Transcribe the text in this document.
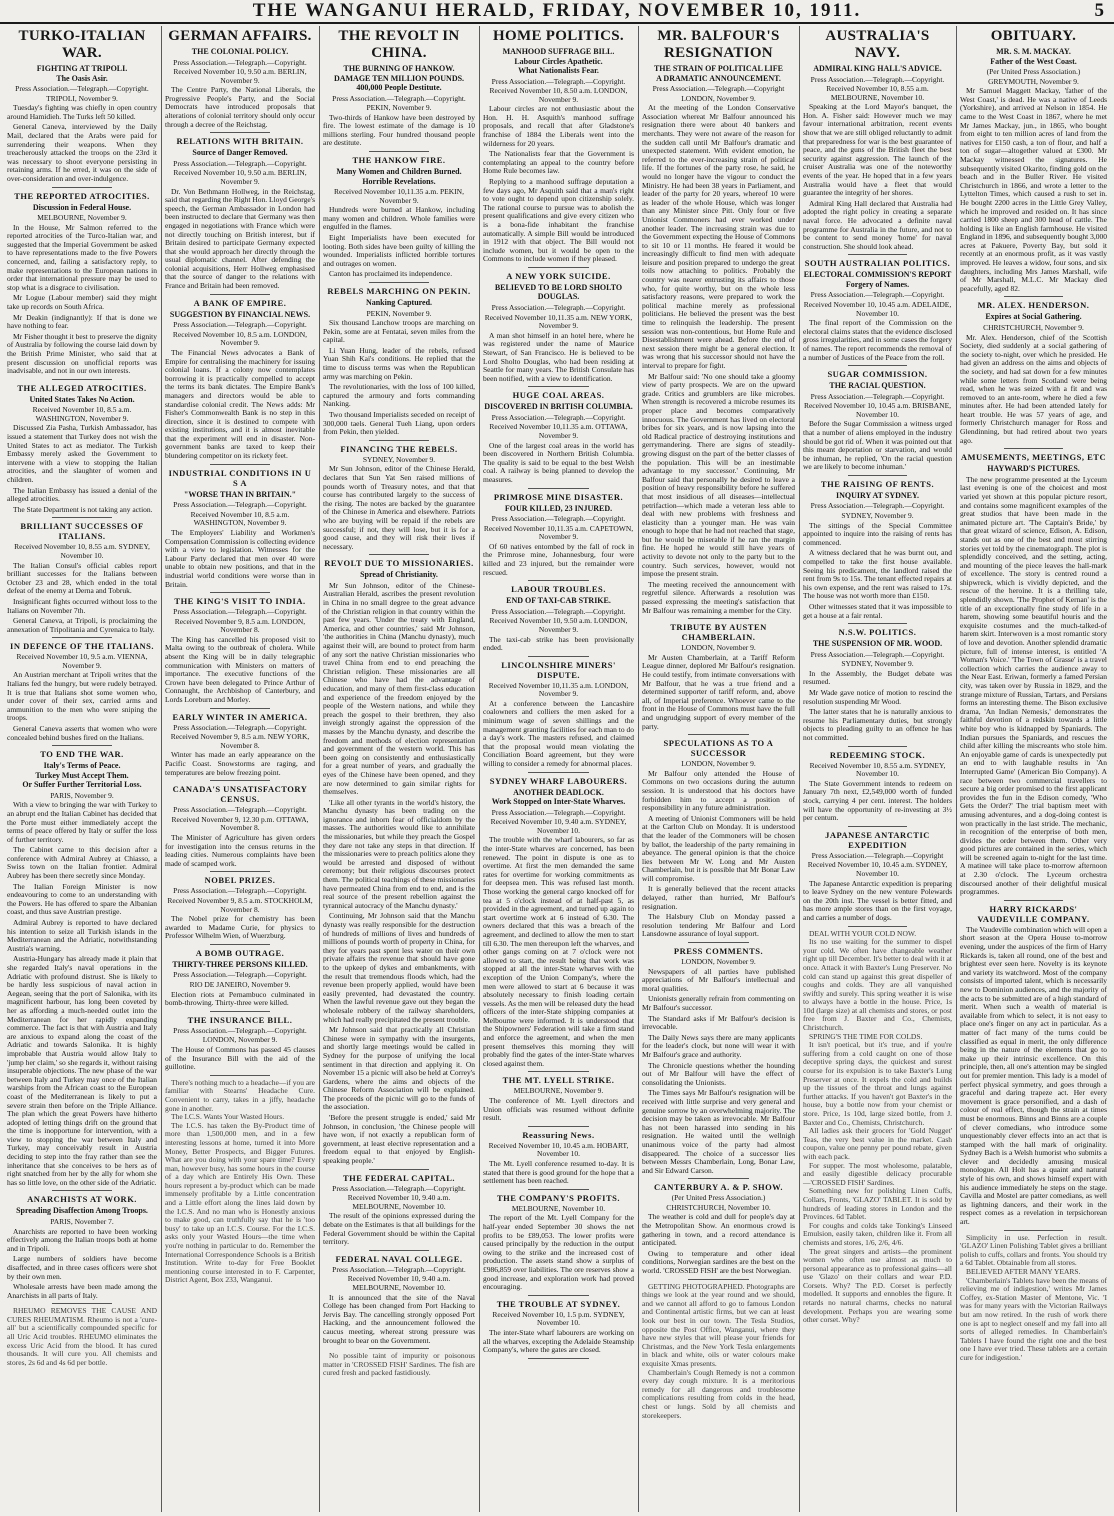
THE WANGANUI HERALD, FRIDAY, NOVEMBER 10, 1911.	5
TURKO-ITALIAN WAR.
FIGHTING AT TRIPOLI.
The Oasis Asir.

Press Association.—Telegraph.—Copyright.

TRIPOLI, November 9.

Tuesday's fighting was chiefly in open country around Hamidieh. The Turks left 50 killed.

General Caneva, interviewed by the Daily Mail, declared that the Arabs were paid for surrendering their weapons. When they treacherously attacked the troops on the 23rd it was necessary to shoot everyone persisting in retaining arms. If he erred, it was on the side of over-consideration and over-indulgence.

THE REPORTED ATROCITIES.
Discussion in Federal House.

MELBOURNE, November 9.

In the House, Mr Salmon referred to the reported atrocities of the Turco-Italian war, and suggested that the Imperial Government be asked to have representations made to the five Powers concerned, and, failing a satisfactory reply, to make representations to the European nations in order that international pressure may be used to stop what is a disgrace to civilisation.

Mr Logue (Labour member) said they might take up records on South Africa.

Mr Deakin (indignantly): If that is done we have nothing to fear.

Mr Fisher thought it best to preserve the dignity of Australia by following the course laid down by the British Prime Minister, who said that at present discussion on unofficial reports was inadvisable, and not in our own interests.

THE ALLEGED ATROCITIES.
United States Takes No Action.

Received November 10, 8.5 a.m. WASHINGTON, November 9.

Discussed Zia Pasha, Turkish Ambassador, has issued a statement that Turkey does not wish the United States to act as mediator. The Turkish Embassy merely asked the Government to intervene with a view to stopping the Italian atrocities, and the slaughter of women and children.

The Italian Embassy has issued a denial of the alleged atrocities.

The State Department is not taking any action.

BRILLIANT SUCCESSES OF ITALIANS.

Received November 10, 8.55 a.m. SYDNEY, November 10.

The Italian Consul's official cables report brilliant successes for the Italians between October 23 and 28, which ended in the total defeat of the enemy at Derna and Tobruk.

Insignificant fights occurred without loss to the Italians on November 7th.

General Caneva, at Tripoli, is proclaiming the annexation of Tripolitania and Cyrenaica to Italy.

IN DEFENCE OF THE ITALIANS.

Received November 10, 9.5 a.m. VIENNA, November 9.

An Austrian merchant at Tripoli writes that the Italians fed the hungry, but were rudely betrayed. It is true that Italians shot some women who, under cover of their sex, carried arms and ammunition to the men who were sniping the troops.

General Caneva asserts that women who were concealed behind bushes fired on the Italians.

TO END THE WAR.
Italy's Terms of Peace.
Turkey Must Accept Them.
Or Suffer Further Territorial Loss.

PARIS, November 9.

With a view to bringing the war with Turkey to an abrupt end the Italian Cabinet has decided that the Porte must either immediately accept the terms of peace offered by Italy or suffer the loss of further territory.

The Cabinet came to this decision after a conference with Admiral Aubrey at Chiasso, a Swiss town on the Italian frontier. Admiral Aubrey has been there secretly since Monday.

The Italian Foreign Minister is now endeavouring to come to an understanding with the Powers. He has offered to spare the Albanian coast, and thus save Austrian prestige.

Admiral Aubrey is reported to have declared his intention to seize all Turkish islands in the Mediterranean and the Adriatic, notwithstanding Austria's warning.

Austria-Hungary has already made it plain that she regarded Italy's naval operations in the Adriatic with profound distrust. She is likely to be hardly less suspicious of naval action in Aegean, seeing that the port of Salonika, with its magnificent harbour, has long been coveted by her as affording a much-needed outlet into the Mediterranean for her rapidly expanding commerce. The fact is that with Austria and Italy are anxious to expand along the coast of the Adriatic and towards Salonika. It is highly improbable that Austria would allow Italy to 'jump her claim,' so she regards it, without raising insuperable objections. The new phase of the war between Italy and Turkey may once of the Italian warships from the African coast to the European coast of the Mediterranean is likely to put a severe strain then before on the Triple Alliance. The plan which the great Powers have hitherto adopted of letting things drift on the ground that the time is inopportune for intervention, with a view to stopping the war between Italy and Turkey, may conceivably result in Austria deciding to step into the fray rather than see the inheritance that she conceives to be hers as of right snatched from her by the ally for whom she has so little love, on the other side of the Adriatic.

ANARCHISTS AT WORK.
Spreading Disaffection Among Troops.

PARIS, November 7.

Anarchists are reported to have been working effectively among the Italian troops both at home and in Tripoli.

Large numbers of soldiers have become disaffected, and in three cases officers were shot by their own men.

Wholesale arrests have been made among the Anarchists in all parts of Italy.

RHEUMO REMOVES THE CAUSE AND CURES RHEUMATISM. Rheumo is not a 'cure-all' but a scientifically compounded specific for all Uric Acid troubles. RHEUMO eliminates the excess Uric Acid from the blood. It has cured thousands. It will cure you. All chemists and stores, 2s 6d and 4s 6d per bottle.

GERMAN AFFAIRS.
THE COLONIAL POLICY.

Press Association.—Telegraph.—Copyright.

Received November 10, 9.50 a.m. BERLIN, November 9.

The Centre Party, the National Liberals, the Progressive People's Party, and the Social Democrats have introduced proposals that alterations of colonial territory should only occur through a decree of the Reichstag.

RELATIONS WITH BRITAIN.
Source of Danger Removed.

Press Association.—Telegraph.—Copyright.

Received November 10, 9.50 a.m. BERLIN, November 9.

Dr. Von Bethmann Hollweg, in the Reichstag, said that regarding the Right Hon. Lloyd George's speech, the German Ambassador in London had been instructed to declare that Germany was then engaged in negotiations with France which were not directly touching on British interest, but if Britain desired to participate Germany expected that she would approach her directly through the usual diplomatic channel. After defending the colonial acquisitions, Herr Hollweg emphasised that the source of danger to the relations with France and Britain had been removed.

A BANK OF EMPIRE.
SUGGESTION BY FINANCIAL NEWS.

Press Association.—Telegraph.—Copyright.

Received November 10, 8.5 a.m. LONDON, November 9.

The Financial News advocates a Bank of Empire for centralising the machinery for issuing colonial loans. If a colony now contemplates borrowing it is practically compelled to accept the terms its bank dictates. The Empire Bank's managers and directors would be able to standardise colonial credit. The News adds: Mr Fisher's Commonwealth Bank is no step in this direction, since it is destined to compete with existing institutions, and it is almost inevitable that the experiment will end in disaster. Non-government banks are taxed to keep their blundering competitor on its rickety feet.

INDUSTRIAL CONDITIONS IN U S A
"WORSE THAN IN BRITAIN."

Press Association.—Telegraph.—Copyright.

Received November 10, 8.5 a.m. WASHINGTON, November 9.

The Employers' Liability and Workmen's Compensation Commission is collecting evidence with a view to legislation. Witnesses for the Labour Party declared that men over 40 were unable to obtain new positions, and that in the industrial world conditions were worse than in Britain.

THE KING'S VISIT TO INDIA.

Press Association.—Telegraph.—Copyright.

Received November 9, 8.5 a.m. LONDON, November 8.

The King has cancelled his proposed visit to Malta owing to the outbreak of cholera. While absent the King will be in daily telegraphic communication with Ministers on matters of importance. The executive functions of the Crown have been delegated to Prince Arthur of Connaught, the Archbishop of Canterbury, and Lords Loreburn and Morley.

EARLY WINTER IN AMERICA.

Press Association.—Telegraph.—Copyright.

Received November 9, 8.5 a.m. NEW YORK, November 8.

Winter has made an early appearance on the Pacific Coast. Snowstorms are raging, and temperatures are below freezing point.

CANADA'S UNSATISFACTORY CENSUS.

Press Association.—Telegraph.—Copyright.

Received November 9, 12.30 p.m. OTTAWA, November 8.

The Minister of Agriculture has given orders for investigation into the census returns in the leading cities. Numerous complaints have been made of scamped work.

NOBEL PRIZES.

Press Association.—Telegraph.—Copyright.

Received November 9, 8.5 a.m. STOCKHOLM, November 8.

The Nobel prize for chemistry has been awarded to Madame Curie, for physics to Professor Wilhelm Wien, of Wuerzburg.

A BOMB OUTRAGE.
THIRTY-THREE PERSONS KILLED.

Press Association.—Telegraph.—Copyright.

RIO DE JANEIRO, November 9.

Election riots at Pernambuco culminated in bomb-throwing. Thirty-three were killed.

THE INSURANCE BILL.

Press Association.—Telegraph.—Copyright.

LONDON, November 9.

The House of Commons has passed 45 clauses of the Insurance Bill with the aid of the guillotine.

There's nothing much to a headache—if you are familiar with Stearns' Headache Cure. Convenient to carry, takes in a jiffy, headache gone in another.

The I.C.S. Wants Your Wasted Hours.

The I.C.S. has taken the By-Product time of more than 1,500,000 men, and in a few interesting lessons at home, turned it into More Money, Better Prospects, and Bigger Futures. What are you doing with your spare time? Every man, however busy, has some hours in the course of a day which are Entirely His Own. These hours represent a by-product which can be made immensely profitable by a Little concentration and a Little effort along the lines laid down by the I.C.S. And no man who is Honestly anxious to make good, can truthfully say that he is 'too busy' to take up an I.C.S. Course. For the I.C.S. asks only your Wasted Hours—the time when you're nothing in particular to do. Remember the International Correspondence Schools is a British Institution. Write to-day for Free Booklet mentioning course interested in to F. Carpenter, District Agent, Box 233, Wanganui.

THE REVOLT IN CHINA.
THE BURNING OF HANKOW.
DAMAGE TEN MILLION POUNDS.
400,000 People Destitute.

Press Association.—Telegraph.—Copyright.

PEKIN, November 9.

Two-thirds of Hankow have been destroyed by fire. The lowest estimate of the damage is 10 millions sterling. Four hundred thousand people are destitute.

THE HANKOW FIRE.
Many Women and Children Burned.
Horrible Revelations.

Received November 10,11.35 a.m. PEKIN, November 9.

Hundreds were burned at Hankow, including many women and children. Whole families were engulfed in the flames.

Eight Imperialists have been executed for looting. Both sides have been guilty of killing the wounded. Imperialists inflicted horrible tortures and outrages on women.

Canton has proclaimed its independence.

REBELS MARCHING ON PEKIN.
Nanking Captured.

PEKIN, November 9.

Six thousand Lanchow troops are marching on Pekin, some are at Fentatai, seven miles from the capital.

Li Yuan Hung, leader of the rebels, refused Yuan Shih Kai's conditions. He replied that the time to discuss terms was when the Republican army was marching on Pekin.

The revolutionaries, with the loss of 100 killed, captured the armoury and forts commanding Nanking.

Two thousand Imperialists seceded on receipt of 300,000 taels. General Tueh Liang, upon orders from Pekin, then yielded.

FINANCING THE REBELS.

SYDNEY, November 9.

Mr Sun Johnson, editor of the Chinese Herald, declares that Sun Yat Sen raised millions of pounds worth of Treasury notes, and that that course has contributed largely to the success of the rising. The notes are backed by the guarantee of the Chinese in America and elsewhere. Patriots who are buying will be repaid if the rebels are successful; if not, they will lose, but it is for a good cause, and they will risk their lives if necessary.

REVOLT DUE TO MISSIONARIES.
Spread of Christianity.

Mr Sun Johnson, editor of the Chinese-Australian Herald, ascribes the present revolution in China in no small degree to the great advance of the Christian religion in that country within the past few years. 'Under the treaty with England, America, and other countries,' said Mr Johnson, 'the authorities in China (Manchu dynasty), much against their will, are bound to protect from harm of any sort the native Christian missionaries who travel China from end to end preaching the Christian religion. These missionaries are all Chinese who have had the advantage of education, and many of them first-class education and experience of the freedom enjoyed by the people of the Western nations, and while they preach the gospel to their brethren, they also inveigh strongly against the oppression of the masses by the Manchu dynasty, and describe the freedom and methods of election representation and government of the western world. This has been going on consistently and enthusiastically for a great number of years, and gradually the eyes of the Chinese have been opened, and they are now determined to gain similar rights for themselves.

'Like all other tyrants in the world's history, the Manchu dynasty has been trading on the ignorance and inborn fear of officialdom by the masses. The authorities would like to annihilate the missionaries, but while they preach the Gospel they dare not take any steps in that direction. If the missionaries were to preach politics alone they would be arrested and disposed of without ceremony; but their religious discourses protect them. The political teachings of these missionaries have permeated China from end to end, and is the real source of the present rebellion against the tyrannical autocracy of the Manchu dynasty.'

Continuing, Mr Johnson said that the Manchu dynasty was really responsible for the destruction of hundreds of millions of lives and hundreds of millions of pounds worth of property in China, for they for years past spent less water on their own private affairs the revenue that should have gone to the upkeep of dykes and embankments, with the result that tremendous floods which, had the revenue been properly applied, would have been easily prevented, had devastated the country. When the lawful revenue gave out they began the wholesale robbery of the railway shareholders, which had really precipitated the present trouble.

Mr Johnson said that practically all Christian Chinese were in sympathy with the insurgents, and shortly large meetings would be called in Sydney for the purpose of unifying the local sentiment in that direction and applying it. On November 15 a picnic will also be held at Correy's Gardens, where the aims and objects of the Chinese Reform Association will be explained. The proceeds of the picnic will go to the funds of the association.

'Before the present struggle is ended,' said Mr Johnson, in conclusion, 'the Chinese people will have won, if not exactly a republican form of government, at least elective representation and a freedom equal to that enjoyed by English-speaking people.'

THE FEDERAL CAPITAL.

Press Association.—Telegraph.—Copyright.

Received November 10, 9.40 a.m. MELBOURNE, November 10.

The result of the opinions expressed during the debate on the Estimates is that all buildings for the Federal Government should be within the Capital territory.

FEDERAL NAVAL COLLEGE.

Press Association.—Telegraph.—Copyright.

Received November 10, 9.40 a.m. MELBOURNE, November 10.

It is announced that the site of the Naval College has been changed from Port Hacking to Jervis Bay. The cancelling strongly opposed Port Hacking, and the announcement followed the caucus meeting, whereat strong pressure was brought to bear on the Government.

No possible taint of impurity or poisonous matter in 'CROSSED FISH' Sardines. The fish are cured fresh and packed fastidiously.

HOME POLITICS.
MANHOOD SUFFRAGE BILL.
Labour Circles Apathetic.
What Nationalists Fear.

Press Association.—Telegraph.—Copyright.

Received November 10, 8.50 a.m. LONDON, November 9.

Labour circles are not enthusiastic about the Hon. H. H. Asquith's manhood suffrage proposals, and recall that after Gladstone's franchise of 1884 the Liberals went into the wilderness for 20 years.

The Nationalists fear that the Government is contemplating an appeal to the country before Home Rule becomes law.

Replying to a manhood suffrage deputation a few days ago, Mr Asquith said that a man's right to vote ought to depend upon citizenship solely. The rational course to pursue was to abolish the present qualifications and give every citizen who is a bona-fide inhabitant the franchise automatically. A simple Bill would be introduced in 1912 with that object. The Bill would not include women, but it would be open to the Commons to include women if they pleased.

A NEW YORK SUICIDE.
BELIEVED TO BE LORD SHOLTO DOUGLAS.

Press Association.—Telegraph.—Copyright.

Received November 10,11.35 a.m. NEW YORK, November 9.

A man shot himself in an hotel here, where he was registered under the name of Maurice Stewart, of San Francisco. He is believed to be Lord Sholto Douglas, who had been residing at Seattle for many years. The British Consulate has been notified, with a view to identification.

HUGE COAL AREAS.
DISCOVERED IN BRITISH COLUMBIA.

Press Association.—Telegraph.—Copyright.

Received November 10,11.35 a.m. OTTAWA, November 9.

One of the largest coal areas in the world has been discovered in Northern British Columbia. The quality is said to be equal to the best Welsh coal. A railway is being planned to develop the measures.

PRIMROSE MINE DISASTER.
FOUR KILLED, 23 INJURED.

Press Association.—Telegraph.—Copyright.

Received November 10,11.35 a.m. CAPETOWN, November 9.

Of 60 natives entombed by the fall of rock in the Primrose mine, Johannesburg, four were killed and 23 injured, but the remainder were rescued.

LABOUR TROUBLES.
END OF TAXI-CAB STRIKE.

Press Association.—Telegraph.—Copyright.

Received November 10, 9.50 a.m. LONDON, November 9.

The taxi-cab strike has been provisionally ended.

LINCOLNSHIRE MINERS' DISPUTE.

Received November 10,11.35 a.m. LONDON, November 9.

At a conference between the Lancashire coalowners and colliers the men asked for a minimum wage of seven shillings and the management granting facilities for each man to do a day's work. The masters refused, and claimed that the proposal would mean violating the Conciliation Board agreement, but they were willing to consider a remedy for abnormal places.

SYDNEY WHARF LABOURERS.
ANOTHER DEADLOCK.
Work Stopped on Inter-State Wharves.

Press Association.—Telegraph.—Copyright.

Received November 10, 9.40 a.m. SYDNEY, November 10.

The trouble with the wharf labourers, so far as the inter-State wharves are concerned, has been renewed. The point in dispute is one as to overtime. At first the men demanded the same rates for overtime for working commitments as for deepsea men. This was refused last month. Those working the general cargo knocked off for tea at 5 o'clock instead of at half-past 5, as provided in the agreement, and turned up again to start overtime work at 6 instead of 6.30. The owners declared that this was a breach of the agreement, and declined to allow the men to start till 6.30. The men thereupon left the wharves, and other gangs coming on at 7 o'clock were not allowed to start, the result being that work was stopped at all the inter-State wharves with the exception of the Union Company's, where the men were allowed to start at 6 because it was absolutely necessary to finish loading certain vessels. As the men will be released duty the head officers of the inter-State shipping companies at Melbourne were informed. It is understood that the Shipowners' Federation will take a firm stand and enforce the agreement, and when the men present themselves this morning they will probably find the gates of the inter-State wharves closed against them.

THE MT. LYELL STRIKE.

MELBOURNE, November 9.

The conference of Mt. Lyell directors and Union officials was resumed without definite result.

Reassuring News.

Received November 10, 10.45 a.m. HOBART, November 10.

The Mt. Lyell conference resumed to-day. It is stated that there is good ground for the hope that a settlement has been reached.

THE COMPANY'S PROFITS.

MELBOURNE, November 10.

The report of the Mt. Lyell Company for the half-year ended September 30 shows the net profits to be £89,053. The lower profits were caused principally by the reduction in the output owing to the strike and the increased cost of production. The assets stand show a surplus of £986,859 over liabilities. The ore reserves show a good increase, and exploration work had proved encouraging.

THE TROUBLE AT SYDNEY.

Received November 10, 1.5 p.m. SYDNEY, November 10.

The inter-State wharf labourers are working on all the wharves, excepting the Adelaide Steamship Company's, where the gates are closed.

MR. BALFOUR'S RESIGNATION
THE STRAIN OF POLITICAL LIFE
A DRAMATIC ANNOUNCEMENT.

Press Association.—Telegraph.—Copyright

LONDON, November 9.

At the meeting of the London Conservative Association whereat Mr Balfour announced his resignation there were about 40 bankers and merchants. They were not aware of the reason for the sudden call until Mr Balfour's dramatic and unexpected statement. With evident emotion, he referred to the ever-increasing strain of political life. If the fortunes of the party rose, he said, he would no longer have the vigour to conduct the Ministry. He had been 38 years in Parliament, and leader of the party for 20 years, whereof 10 were as leader of the whole House, which was longer than any Minister since Pitt. Only four or five Unionist Commoners had ever worked under another leader. The increasing strain was due to the Government expecting the House of Commons to sit 10 or 11 months. He feared it would be increasingly difficult to find men with adequate leisure and position prepared to undergo the great toils now attaching to politics. Probably the country was nearer entrusting its affairs to those who, for quite worthy, but on the whole less satisfactory reasons, were prepared to work the political machine merely as professional politicians. He believed the present was the best time to relinquish the leadership. The present session was non-contentious, but Home Rule and Disestablishment were ahead. Before the end of next session there might be a general election. It was wrong that his successor should not have the interval to prepare for fight.

Mr Balfour said: 'No one should take a gloomy view of party prospects. We are on the upward grade. Critics and grumblers are like microbes. When strength is recovered a microbe resumes its proper place and becomes comparatively innocuous. The Government has lived on electoral bribes for six years, and is now lapsing into the old Radical practice of destroying institutions and gerrymandering. There are signs of steadily-growing disgust on the part of the better classes of the population. This will be an inestimable advantage to my successor.' Continuing, Mr Balfour said that personally he desired to leave a position of heavy responsibility before he suffered that most insidious of all diseases—intellectual petrifaction—which made a veteran less able to deal with new problems with freshness and elasticity than a younger man. He was vain enough to hope that he had not reached that stage, but he would be miserable if he ran the margin fine. He hoped he would still have years of activity to devote not only to the party but to the country. Such services, however, would not impose the present strain.

The meeting received the announcement with regretful silence. Afterwards a resolution was passed expressing the meeting's satisfaction that Mr Balfour was remaining a member for the City.

TRIBUTE BY AUSTEN CHAMBERLAIN.

LONDON, November 9.

Mr Austen Chamberlain, at a Tariff Reform League dinner, deplored Mr Balfour's resignation. He could testify, from intimate conversations with Mr Balfour, that he was a true friend and a determined supporter of tariff reform, and, above all, of Imperial preference. Whoever came to the front in the House of Commons must have the full and ungrudging support of every member of the party.

SPECULATIONS AS TO A SUCCESSOR

LONDON, November 9.

Mr Balfour only attended the House of Commons on two occasions during the autumn session. It is understood that his doctors have forbidden him to accept a position of responsibility in any future administration.

A meeting of Unionist Commoners will be held at the Carlton Club on Monday. It is understood that the leader of the Commoners will be chosen by ballot, the leadership of the party remaining in abeyance. The general opinion is that the choice lies between Mr W. Long and Mr Austen Chamberlain, but it is possible that Mr Bonar Law will compromise.

It is generally believed that the recent attacks delayed, rather than hurried, Mr Balfour's resignation.

The Halsbury Club on Monday passed a resolution tendering Mr Balfour and Lord Lansdowne assurance of loyal support.

PRESS COMMENTS.

LONDON, November 9.

Newspapers of all parties have published appreciations of Mr Balfour's intellectual and moral qualities.

Unionists generally refrain from commenting on Mr Balfour's successor.

The Standard asks if Mr Balfour's decision is irrevocable.

The Daily News says there are many applicants for the leader's clock, but none will wear it with Mr Balfour's grace and authority.

The Chronicle questions whether the hounding out of Mr Balfour will have the effect of consolidating the Unionists.

The Times says Mr Balfour's resignation will be received with little surprise and very general and genuine sorrow by an overwhelming majority. The decision may be taken as irrevocable. Mr Balfour has not been harassed into sending in his resignation. He waited until the wellnigh unanimous voice of the party had almost disappeared. The choice of a successor lies between Messrs Chamberlain, Long, Bonar Law, and Sir Edward Carson.

CANTERBURY A. & P. SHOW.

(Per United Press Association.)

CHRISTCHURCH, November 10.

The weather is cold and dull for people's day at the Metropolitan Show. An enormous crowd is gathering in town, and a record attendance is anticipated.

Owing to temperature and other ideal conditions, Norwegian sardines are the best on the world. 'CROSSED FISH' are the best Norwegian.

GETTING PHOTOGRAPHED. Photographs are things we look at the year round and we should, and we cannot all afford to go to famous London and Continental artistic firms, but we can at least look our best in our town. The Tesla Studios, opposite the Post Office, Wanganui, where they have new styles that will please your friends for Christmas, and the New York Tesla enlargements in black and white, oils or water colours make exquisite Xmas presents.

Chamberlain's Cough Remedy is not a common every day cough mixture. It is a meritorious remedy for all dangerous and troublesome complications resulting from colds in the head, chest or lungs. Sold by all chemists and storekeepers.

AUSTRALIA'S NAVY.
ADMIRAL KING HALL'S ADVICE.

Press Association.—Telegraph.—Copyright.

Received November 10, 8.55 a.m. MELBOURNE, November 10.

Speaking at the Lord Mayor's banquet, the Hon. A. Fisher said: However much we may favour international arbitration, recent events show that we are still obliged reluctantly to admit that preparedness for war is the best guarantee of peace, and the guns of the British fleet the best security against aggression. The launch of the cruiser Australia was one of the noteworthy events of the year. He hoped that in a few years Australia would have a fleet that would guarantee the integrity of her shores.

Admiral King Hall declared that Australia had adopted the right policy in creating a separate naval force. He advocated a definite naval programme for Australia in the future, and not to be content to send money 'home' for naval construction. She should look ahead.

SOUTH AUSTRALIAN POLITICS.
ELECTORAL COMMISSION'S REPORT
Forgery of Names.

Press Association.—Telegraph.—Copyright.

Received November 10, 10.45 a.m. ADELAIDE, November 10.

The final report of the Commission on the electoral claims states that the evidence disclosed gross irregularities, and in some cases the forgery of names. The report recommends the removal of a number of Justices of the Peace from the roll.

SUGAR COMMISSION.
THE RACIAL QUESTION.

Press Association.—Telegraph.—Copyright.

Received November 10, 10.45 a.m. BRISBANE, November 10.

Before the Sugar Commission a witness urged that a number of aliens employed in the industry should be got rid of. When it was pointed out that this meant deportation or starvation, and would be inhuman, he replied, 'On the racial question we are likely to become inhuman.'

THE RAISING OF RENTS.
INQUIRY AT SYDNEY.

Press Association.—Telegraph.—Copyright.

SYDNEY, November 9.

The sittings of the Special Committee appointed to inquire into the raising of rents has commenced.

A witness declared that he was burnt out, and compelled to take the first house available. Seeing his predicament, the landlord raised the rent from 9s to 15s. The tenant effected repairs at his own expense, and the rent was raised to 17s. The house was not worth more than £150.

Other witnesses stated that it was impossible to get a house at a fair rental.

N.S.W. POLITICS.
THE SUSPENSION OF MR. WOOD.

Press Association.—Telegraph.—Copyright.

SYDNEY, November 9.

In the Assembly, the Budget debate was resumed.

Mr Wade gave notice of motion to rescind the resolution suspending Mr Wood.

The latter states that he is naturally anxious to resume his Parliamentary duties, but strongly objects to pleading guilty to an offence he has not committed.

REDEEMING STOCK.

Received November 10, 8.55 a.m. SYDNEY, November 10.

The State Government intends to redeem on January 7th next, £2,549,000 worth of funded stock, carrying 4 per cent. interest. The holders will have the opportunity of re-investing at 3½ per centum.

JAPANESE ANTARCTIC EXPEDITION

Press Association.—Telegraph.—Copyright

Received November 10, 10.45 a.m. SYDNEY, November 10.

The Japanese Antarctic expedition is preparing to leave Sydney on the new venture Polewards on the 20th inst. The vessel is better fitted, and has more ample stores than on the first voyage, and carries a number of dogs.

DEAL WITH YOUR COLD NOW.

Its no use waiting for the summer to dispel your cold. We often have changeable weather right up till December. It's better to deal with it at once. Attack it with Baxter's Lung Preserver. No cold can stand up against this great dispeller of coughs and colds. They are all vanquished swiftly and surely. This spring weather it is wise to always have a bottle in the house. Price, 1s 10d (large size) at all chemists and stores, or post free from J. Baxter and Co., Chemists, Christchurch.

SPRING'S THE TIME FOR COLDS.

It isn't poetical, but it's true, and if you're suffering from a cold caught on one of those deceptive spring days, the quickest and surest course for its expulsion is to take Baxter's Lung Preserver at once. It expels the cold and builds up the tissues of the throat and lungs against further attacks. If you haven't got Baxter's in the house, buy a bottle now from your chemist or store. Price, 1s 10d, large sized bottle, from J. Baxter and Co., Chemists, Christchurch.

All ladies ask their grocers for 'Gold Nugget' Teas, the very best value in the market. Cash coupon, value one penny per pound rebate, given with each pack.

For supper. The most wholesome, palatable, and easily digestible delicacy procurable—'CROSSED FISH' Sardines.

Something new for polishing Linen Cuffs, Collars, Fronts, 'GLAZO' TABLET. It is sold by hundreds of leading stores in London and the Provinces. 6d Tablet.

For coughs and colds take Tonking's Linseed Emulsion, easily taken, children like it. From all chemists and stores, 1/6, 2/6, 4/6.

The great singers and artists—the prominent women who often use almost as much to personal appearance as to professional gains—all use 'Glazo' on their collars and wear P.D. Corsets. Why? The P.D. Corset is perfectly modelled. It supports and ennobles the figure. It retards no natural charms, checks no natural development. Perhaps you are wearing some other corset. Why?

OBITUARY.
MR. S. M. MACKAY.
Father of the West Coast.

(Per United Press Association.)

GREYMOUTH, November 9.

Mr Samuel Maggett Mackay, 'father of the West Coast,' is dead. He was a native of Leeds (Yorkshire), and arrived at Nelson in 1854. He came to the West Coast in 1867, where he met Mr James Mackay, jun., in 1865, who bought from eight to ten million acres of land from the natives for £150 cash, a ton of flour, and half a ton of sugar—altogether valued at £300. Mr Mackay witnessed the signatures. He subsequently visited Okarito, finding gold on the beach and in the Buller River. He visited Christchurch in 1866, and wrote a letter to the Lyttelton Times, which caused a rush to set in. He bought 2200 acres in the Little Grey Valley, which he improved and resided on. It has since carried 1800 sheep and 300 head of cattle. The holding is like an English farmhouse. He visited England in 1896, and subsequently bought 3,000 acres at Pakuere, Poverty Bay, but sold it recently at an enormous profit, as it was vastly improved. He leaves a widow, four sons, and six daughters, including Mrs James Marshall, wife of Mr Marshall, M.L.C. Mr Mackay died peacefully, aged 82.

MR. ALEX. HENDERSON.
Expires at Social Gathering.

CHRISTCHURCH, November 9.

Mr. Alex. Henderson, chief of the Scottish Society, died suddenly at a social gathering of the society to-night, over which he presided. He had given an address on the aims and objects of the society, and had sat down for a few minutes while some letters from Scotland were being read, when he was seized with a fit and was removed to an ante-room, where he died a few minutes after. He had been attended lately for heart trouble. He was 57 years of age, and formerly Christchurch manager for Ross and Glendinning, but had retired about two years ago.

AMUSEMENTS, MEETINGS, ETC
HAYWARD'S PICTURES.

The new programme presented at the Lyceum last evening is one of the choicest and most varied yet shown at this popular picture resort, and contains some magnificent examples of the great studios that have been made in the animated picture art. 'The Captain's Bride,' by that great wizard of science, Edison, A. Edison, stands out as one of the best and most stirring stories yet told by the cinematograph. The plot is splendidly conceived, and the setting, acting, and mounting of the piece leaves the hall-mark of excellence. The story is centred round a shipwreck, which is vividly depicted, and the rescue of the heroine. It is a thrilling tale, splendidly shown. 'The Prophet of Kernan' is the title of an exceptionally fine study of life in a harem, showing some beautiful houris and the exquisite costumes and the much-talked-of harem skirt. Interwoven is a most romantic story of love and devotion. Another splendid dramatic picture, full of intense interest, is entitled 'A Woman's Voice.' 'The Town of Grasse' is a travel collection which carries the audience away to the Near East. Eriwan, formerly a famed Persian city, was taken over by Russia in 1829, and the strange mixture of Russian, Tartars, and Persians forms an interesting theme. The Bison exclusive drama, 'An Indian Nemesis,' demonstrates the faithful devotion of a redskin towards a little white boy who is kidnapped by Spaniards. The Indian pursues the Spaniards, and rescues the child after killing the miscreants who stole him. An enjoyable game of cards is unexpectedly put an end to with laughable results in 'An Interrupted Game' (American Bio Company). A race between two commercial travellers to secure a big order promised to the first applicant provides the fun in the Edison comedy, 'Who Gets the Order?' The trial baptism meet with amusing adventures, and a dog-doing contest is won practically in the last stride. The mechanic, in recognition of the enterprise of both men, divides the order between them. Other very good pictures are contained in the series, which will be screened again to-night for the last time. A matinee will take place to-morrow afternoon at 2.30 o'clock. The Lyceum orchestra discoursed another of their delightful musical programmes.

HARRY RICKARDS' VAUDEVILLE COMPANY.

The Vaudeville combination which will open a short season at the Opera House to-morrow evening, under the auspices of the firm of Harry Rickards is, taken all round, one of the best and brightest ever seen here. Novelty is its keynote and variety its watchword. Most of the company consists of imported talent, which is necessarily new to Dominion audiences, and the majority of the acts to be submitted are of a high standard of merit. When such a wealth of material is available from which to select, it is not easy to place one's finger on any act in particular. As a matter of fact many of the turns could be classified as equal in merit, the only difference being in the nature of the elements that go to make up their intrinsic excellence. On this principle, then, all one's attention may be singled out for premier mention. This lady is a model of perfect physical symmetry, and goes through a graceful and daring trapeze act. Her every movement is grace personified, and a dash of colour of real effect, though the strain at times must be enormous. Binns and Binns are a couple of clever comedians, who introduce some unquestionably clever effects into an act that is stamped with the hall mark of originality. Sydney Bach is a Welsh humorist who submits a clever and decidedly amusing musical monologue. All Holt has a quaint and natural style of his own, and shows himself expert with his audience immediately he steps on the stage. Cavilla and Mostel are patter comedians, as well as lightning dancers, and their work in the respect comes as a revelation in terpsichorean art.

Simplicity in use. Perfection in result. 'GLAZO' Linen Polishing Tablet gives a brilliant polish to cuffs, collars and fronts. You should try a 6d Tablet. Obtainable from all stores.

BELIEVED AFTER MANY YEARS.

'Chamberlain's Tablets have been the means of relieving me of indigestion,' writes Mr James Coffey, ex-Station Master of Mentone, Vic. 'I was for many years with the Victorian Railways but am now retired. In the rush of work there one is apt to neglect oneself and my fall into all sorts of alleged remedies. In Chamberlain's Tablets I have found the right one and the best one I have ever tried. These tablets are a certain cure for indigestion.'
